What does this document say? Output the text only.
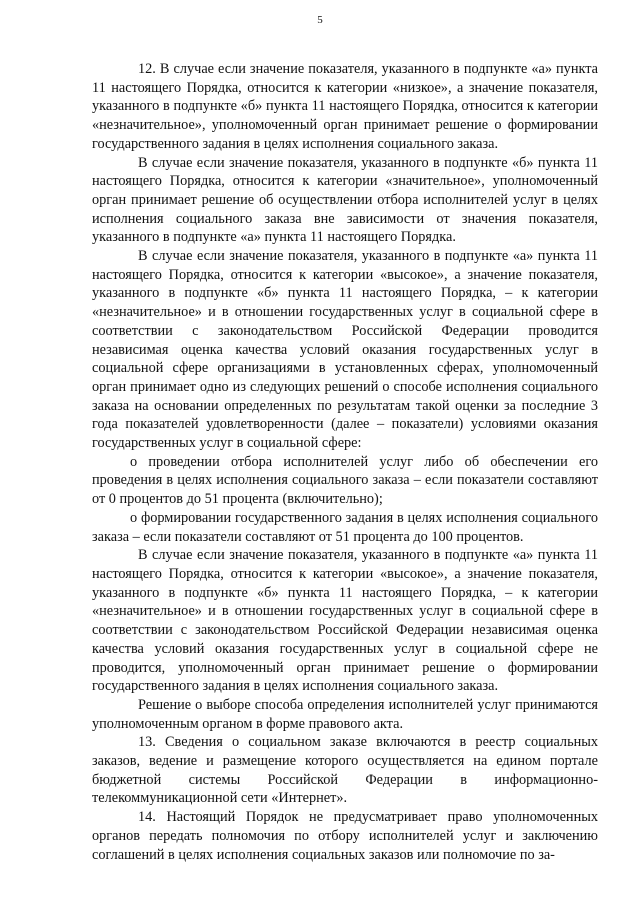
5

12. В случае если значение показателя, указанного в подпункте «а» пункта 11 настоящего Порядка, относится к категории «низкое», а значение показателя, указанного в подпункте «б» пункта 11 настоящего Порядка, относится к категории «незначительное», уполномоченный орган принимает решение о формировании государственного задания в целях исполнения социального заказа.

В случае если значение показателя, указанного в подпункте «б» пункта 11 настоящего Порядка, относится к категории «значительное», уполномоченный орган принимает решение об осуществлении отбора исполнителей услуг в целях исполнения социального заказа вне зависимости от значения показателя, указанного в подпункте «а» пункта 11 настоящего Порядка.

В случае если значение показателя, указанного в подпункте «а» пункта 11 настоящего Порядка, относится к категории «высокое», а значение показателя, указанного в подпункте «б» пункта 11 настоящего Порядка, – к категории «незначительное» и в отношении государственных услуг в социальной сфере в соответствии с законодательством Российской Федерации проводится независимая оценка качества условий оказания государственных услуг в социальной сфере организациями в установленных сферах, уполномоченный орган принимает одно из следующих решений о способе исполнения социального заказа на основании определенных по результатам такой оценки за последние 3 года показателей удовлетворенности (далее – показатели) условиями оказания государственных услуг в социальной сфере:

о проведении отбора исполнителей услуг либо об обеспечении его проведения в целях исполнения социального заказа – если показатели составляют от 0 процентов до 51 процента (включительно);

о формировании государственного задания в целях исполнения социального заказа – если показатели составляют от 51 процента до 100 процентов.

В случае если значение показателя, указанного в подпункте «а» пункта 11 настоящего Порядка, относится к категории «высокое», а значение показателя, указанного в подпункте «б» пункта 11 настоящего Порядка, – к категории «незначительное» и в отношении государственных услуг в социальной сфере в соответствии с законодательством Российской Федерации независимая оценка качества условий оказания государственных услуг в социальной сфере не проводится, уполномоченный орган принимает решение о формировании государственного задания в целях исполнения социального заказа.

Решение о выборе способа определения исполнителей услуг принимаются уполномоченным органом в форме правового акта.

13. Сведения о социальном заказе включаются в реестр социальных заказов, ведение и размещение которого осуществляется на едином портале бюджетной системы Российской Федерации в информационно-телекоммуникационной сети «Интернет».

14. Настоящий Порядок не предусматривает право уполномоченных органов передать полномочия по отбору исполнителей услуг и заключению соглашений в целях исполнения социальных заказов или полномочие по за-
